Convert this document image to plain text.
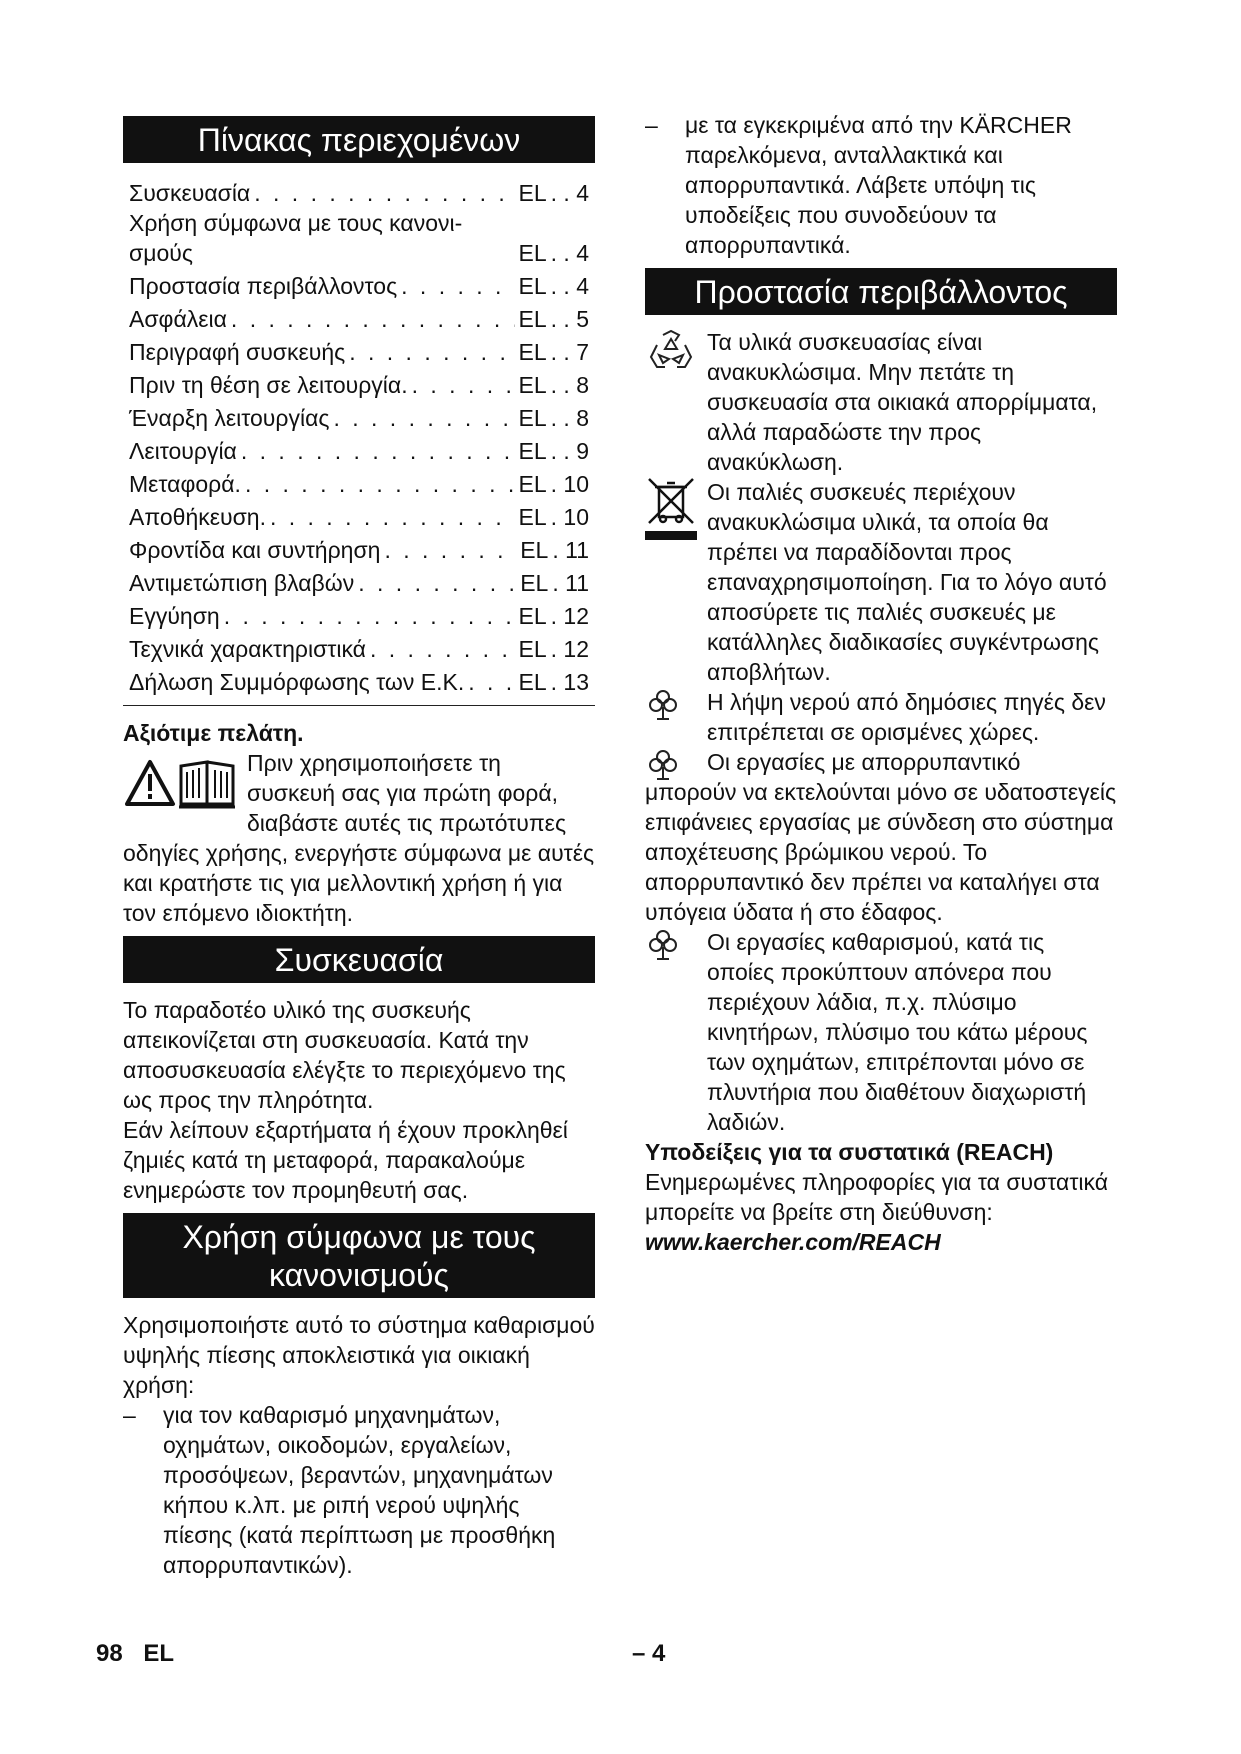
Πίνακας περιεχομένων
Συσκευασία . . .	EL . . 4
Χρήση σύμφωνα με τους κανονι-σμούς	EL . . 4
Προστασία περιβάλλοντος . . .	EL . . 4
Ασφάλεια . . .	EL . . 5
Περιγραφή συσκευής . . .	EL . . 7
Πριν τη θέση σε λειτουργία. . . .	EL . . 8
Έναρξη λειτουργίας . . .	EL . . 8
Λειτουργία . . .	EL . . 9
Μεταφορά. . . .	EL . 10
Αποθήκευση. . . .	EL . 10
Φροντίδα και συντήρηση . . .	EL . 11
Αντιμετώπιση βλαβών . . .	EL . 11
Εγγύηση . . .	EL . 12
Τεχνικά χαρακτηριστικά . . .	EL . 12
Δήλωση Συμμόρφωσης των Ε.Κ. . . . EL . 13

Αξιότιμε πελάτη.

Πριν χρησιμοποιήσετε τη συσκευή σας για πρώτη φορά, διαβάστε αυτές τις πρωτότυπες οδηγίες χρήσης, ενεργήστε σύμφωνα με αυτές και κρατήστε τις για μελλοντική χρήση ή για τον επόμενο ιδιοκτήτη.

Συσκευασία

Το παραδοτέο υλικό της συσκευής απεικονίζεται στη συσκευασία. Κατά την αποσυσκευασία ελέγξτε το περιεχόμενο της ως προς την πληρότητα.

Εάν λείπουν εξαρτήματα ή έχουν προκληθεί ζημιές κατά τη μεταφορά, παρακαλούμε ενημερώστε τον προμηθευτή σας.

Χρήση σύμφωνα με τους
κανονισμούς

Χρησιμοποιήστε αυτό το σύστημα καθαρισμού υψηλής πίεσης αποκλειστικά για οικιακή χρήση:

–	για τον καθαρισμό μηχανημάτων, οχημάτων, οικοδομών, εργαλείων, προσόψεων, βεραντών, μηχανημάτων κήπου κ.λπ. με ριπή νερού υψηλής πίεσης (κατά περίπτωση με προσθήκη απορρυπαντικών).
–	με τα εγκεκριμένα από την KÄRCHER παρελκόμενα, ανταλλακτικά και απορρυπαντικά. Λάβετε υπόψη τις υποδείξεις που συνοδεύουν τα απορρυπαντικά.
Προστασία περιβάλλοντος

Τα υλικά συσκευασίας είναι ανακυκλώσιμα. Μην πετάτε τη συσκευασία στα οικιακά απορρίμματα, αλλά παραδώστε την προς ανακύκλωση.

Οι παλιές συσκευές περιέχουν ανακυκλώσιμα υλικά, τα οποία θα πρέπει να παραδίδονται προς επαναχρησιμοποίηση. Για το λόγο αυτό αποσύρετε τις παλιές συσκευές με κατάλληλες διαδικασίες συγκέντρωσης αποβλήτων.

Η λήψη νερού από δημόσιες πηγές δεν επιτρέπεται σε ορισμένες χώρες.

Οι εργασίες με απορρυπαντικό μπορούν να εκτελούνται μόνο σε υδατοστεγείς επιφάνειες εργασίας με σύνδεση στο σύστημα αποχέτευσης βρώμικου νερού. Το απορρυπαντικό δεν πρέπει να καταλήγει στα υπόγεια ύδατα ή στο έδαφος.

Οι εργασίες καθαρισμού, κατά τις οποίες προκύπτουν απόνερα που περιέχουν λάδια, π.χ. πλύσιμο κινητήρων, πλύσιμο του κάτω μέρους των οχημάτων, επιτρέπονται μόνο σε πλυντήρια που διαθέτουν διαχωριστή λαδιών.

Υποδείξεις για τα συστατικά (REACH)

Ενημερωμένες πληροφορίες για τα συστατικά μπορείτε να βρείτε στη διεύθυνση:

www.kaercher.com/REACH

98 EL	– 4
